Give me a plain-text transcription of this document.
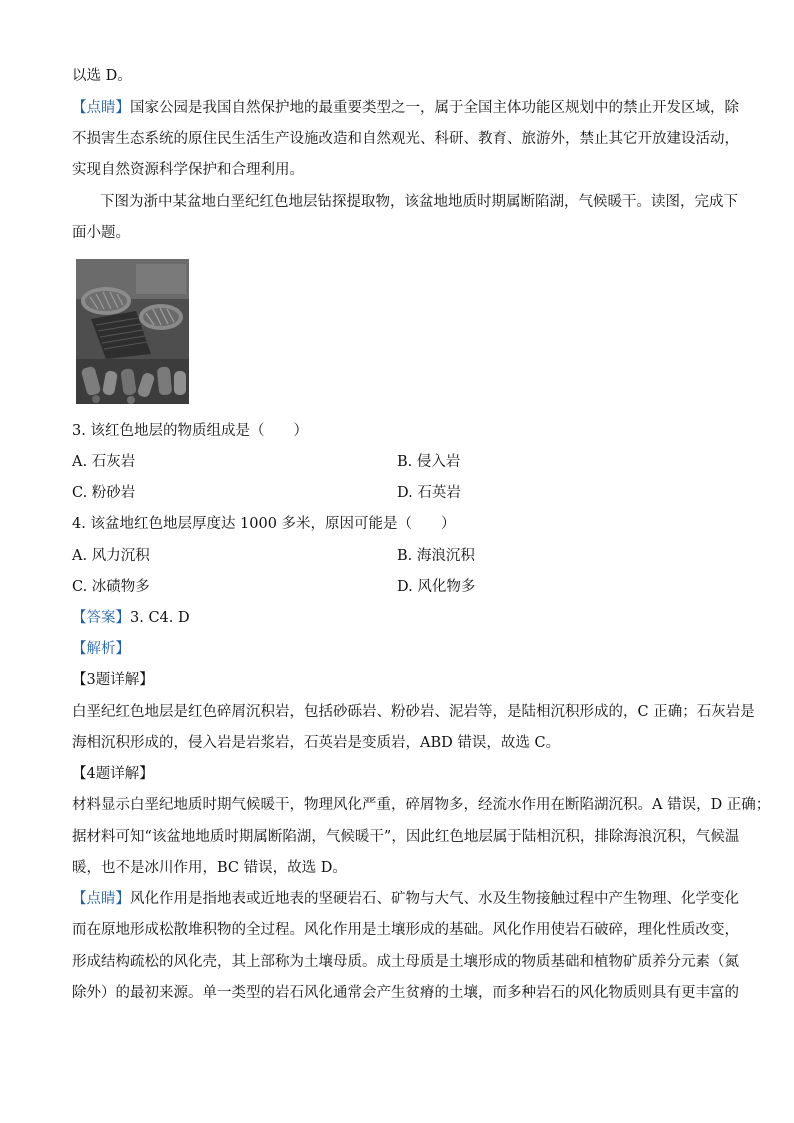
以选 D。
【点睛】国家公园是我国自然保护地的最重要类型之一，属于全国主体功能区规划中的禁止开发区域，除
不损害生态系统的原住民生活生产设施改造和自然观光、科研、教育、旅游外，禁止其它开放建设活动，
实现自然资源科学保护和合理利用。
下图为浙中某盆地白垩纪红色地层钻探提取物，该盆地地质时期属断陷湖，气候暖干。读图，完成下
面小题。
3. 该红色地层的物质组成是（　　）
A. 石灰岩	B. 侵入岩
C. 粉砂岩	D. 石英岩
4. 该盆地红色地层厚度达 1000 多米，原因可能是（　　）
A. 风力沉积	B. 海浪沉积
C. 冰碛物多	D. 风化物多
【答案】3. C4. D
【解析】
【3题详解】
白垩纪红色地层是红色碎屑沉积岩，包括砂砾岩、粉砂岩、泥岩等，是陆相沉积形成的，C 正确；石灰岩是
海相沉积形成的，侵入岩是岩浆岩，石英岩是变质岩，ABD 错误，故选 C。
【4题详解】
材料显示白垩纪地质时期气候暖干，物理风化严重，碎屑物多，经流水作用在断陷湖沉积。A 错误，D 正确；
据材料可知“该盆地地质时期属断陷湖，气候暖干”，因此红色地层属于陆相沉积，排除海浪沉积，气候温
暖，也不是冰川作用，BC 错误，故选 D。
【点睛】风化作用是指地表或近地表的坚硬岩石、矿物与大气、水及生物接触过程中产生物理、化学变化
而在原地形成松散堆积物的全过程。风化作用是土壤形成的基础。风化作用使岩石破碎，理化性质改变，
形成结构疏松的风化壳，其上部称为土壤母质。成土母质是土壤形成的物质基础和植物矿质养分元素（氮
除外）的最初来源。单一类型的岩石风化通常会产生贫瘠的土壤，而多种岩石的风化物质则具有更丰富的
